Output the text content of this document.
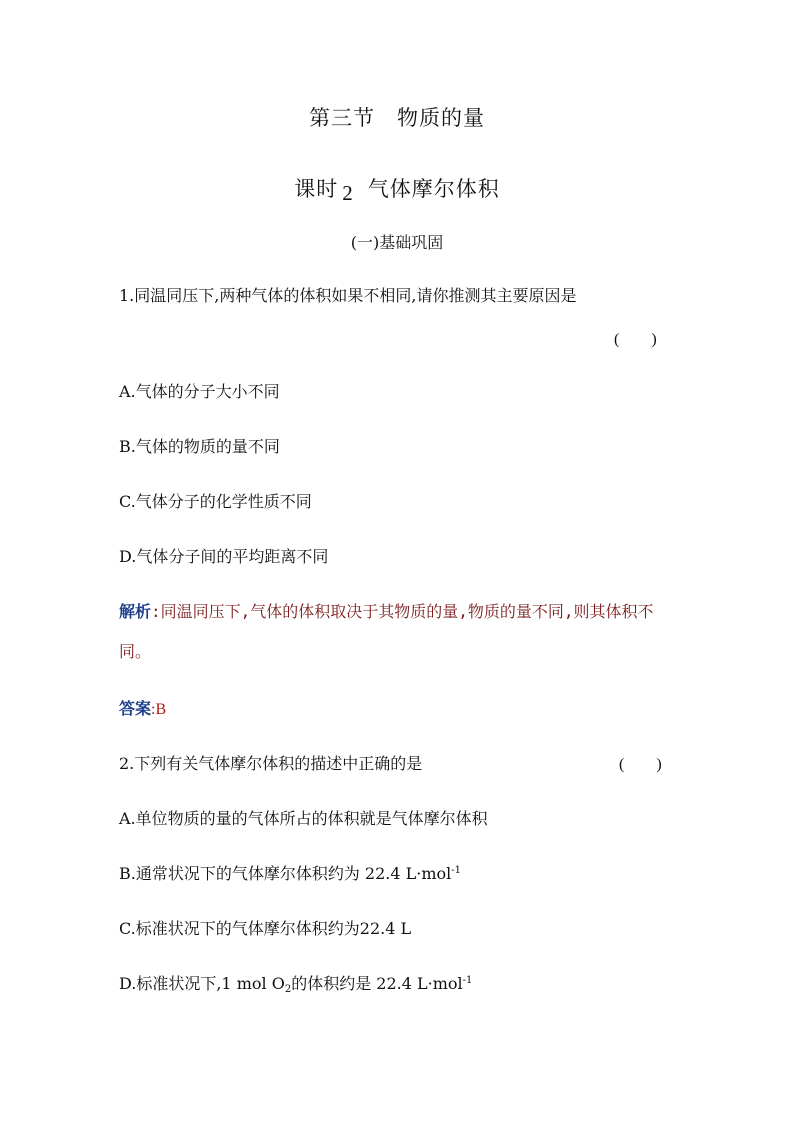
第三节　物质的量
课时 2 气体摩尔体积
(一)基础巩固
1.同温同压下,两种气体的体积如果不相同,请你推测其主要原因是
(　　)
A.气体的分子大小不同
B.气体的物质的量不同
C.气体分子的化学性质不同
D.气体分子间的平均距离不同
解析:同温同压下,气体的体积取决于其物质的量,物质的量不同,则其体积不同。
答案:B
2.下列有关气体摩尔体积的描述中正确的是	(　　)
A.单位物质的量的气体所占的体积就是气体摩尔体积
B.通常状况下的气体摩尔体积约为 22.4 L·mol$^{-1}$
C.标准状况下的气体摩尔体积约为22.4 L
D.标准状况下,1 mol $O_2$的体积约是 22.4 L·mol$^{-1}$
